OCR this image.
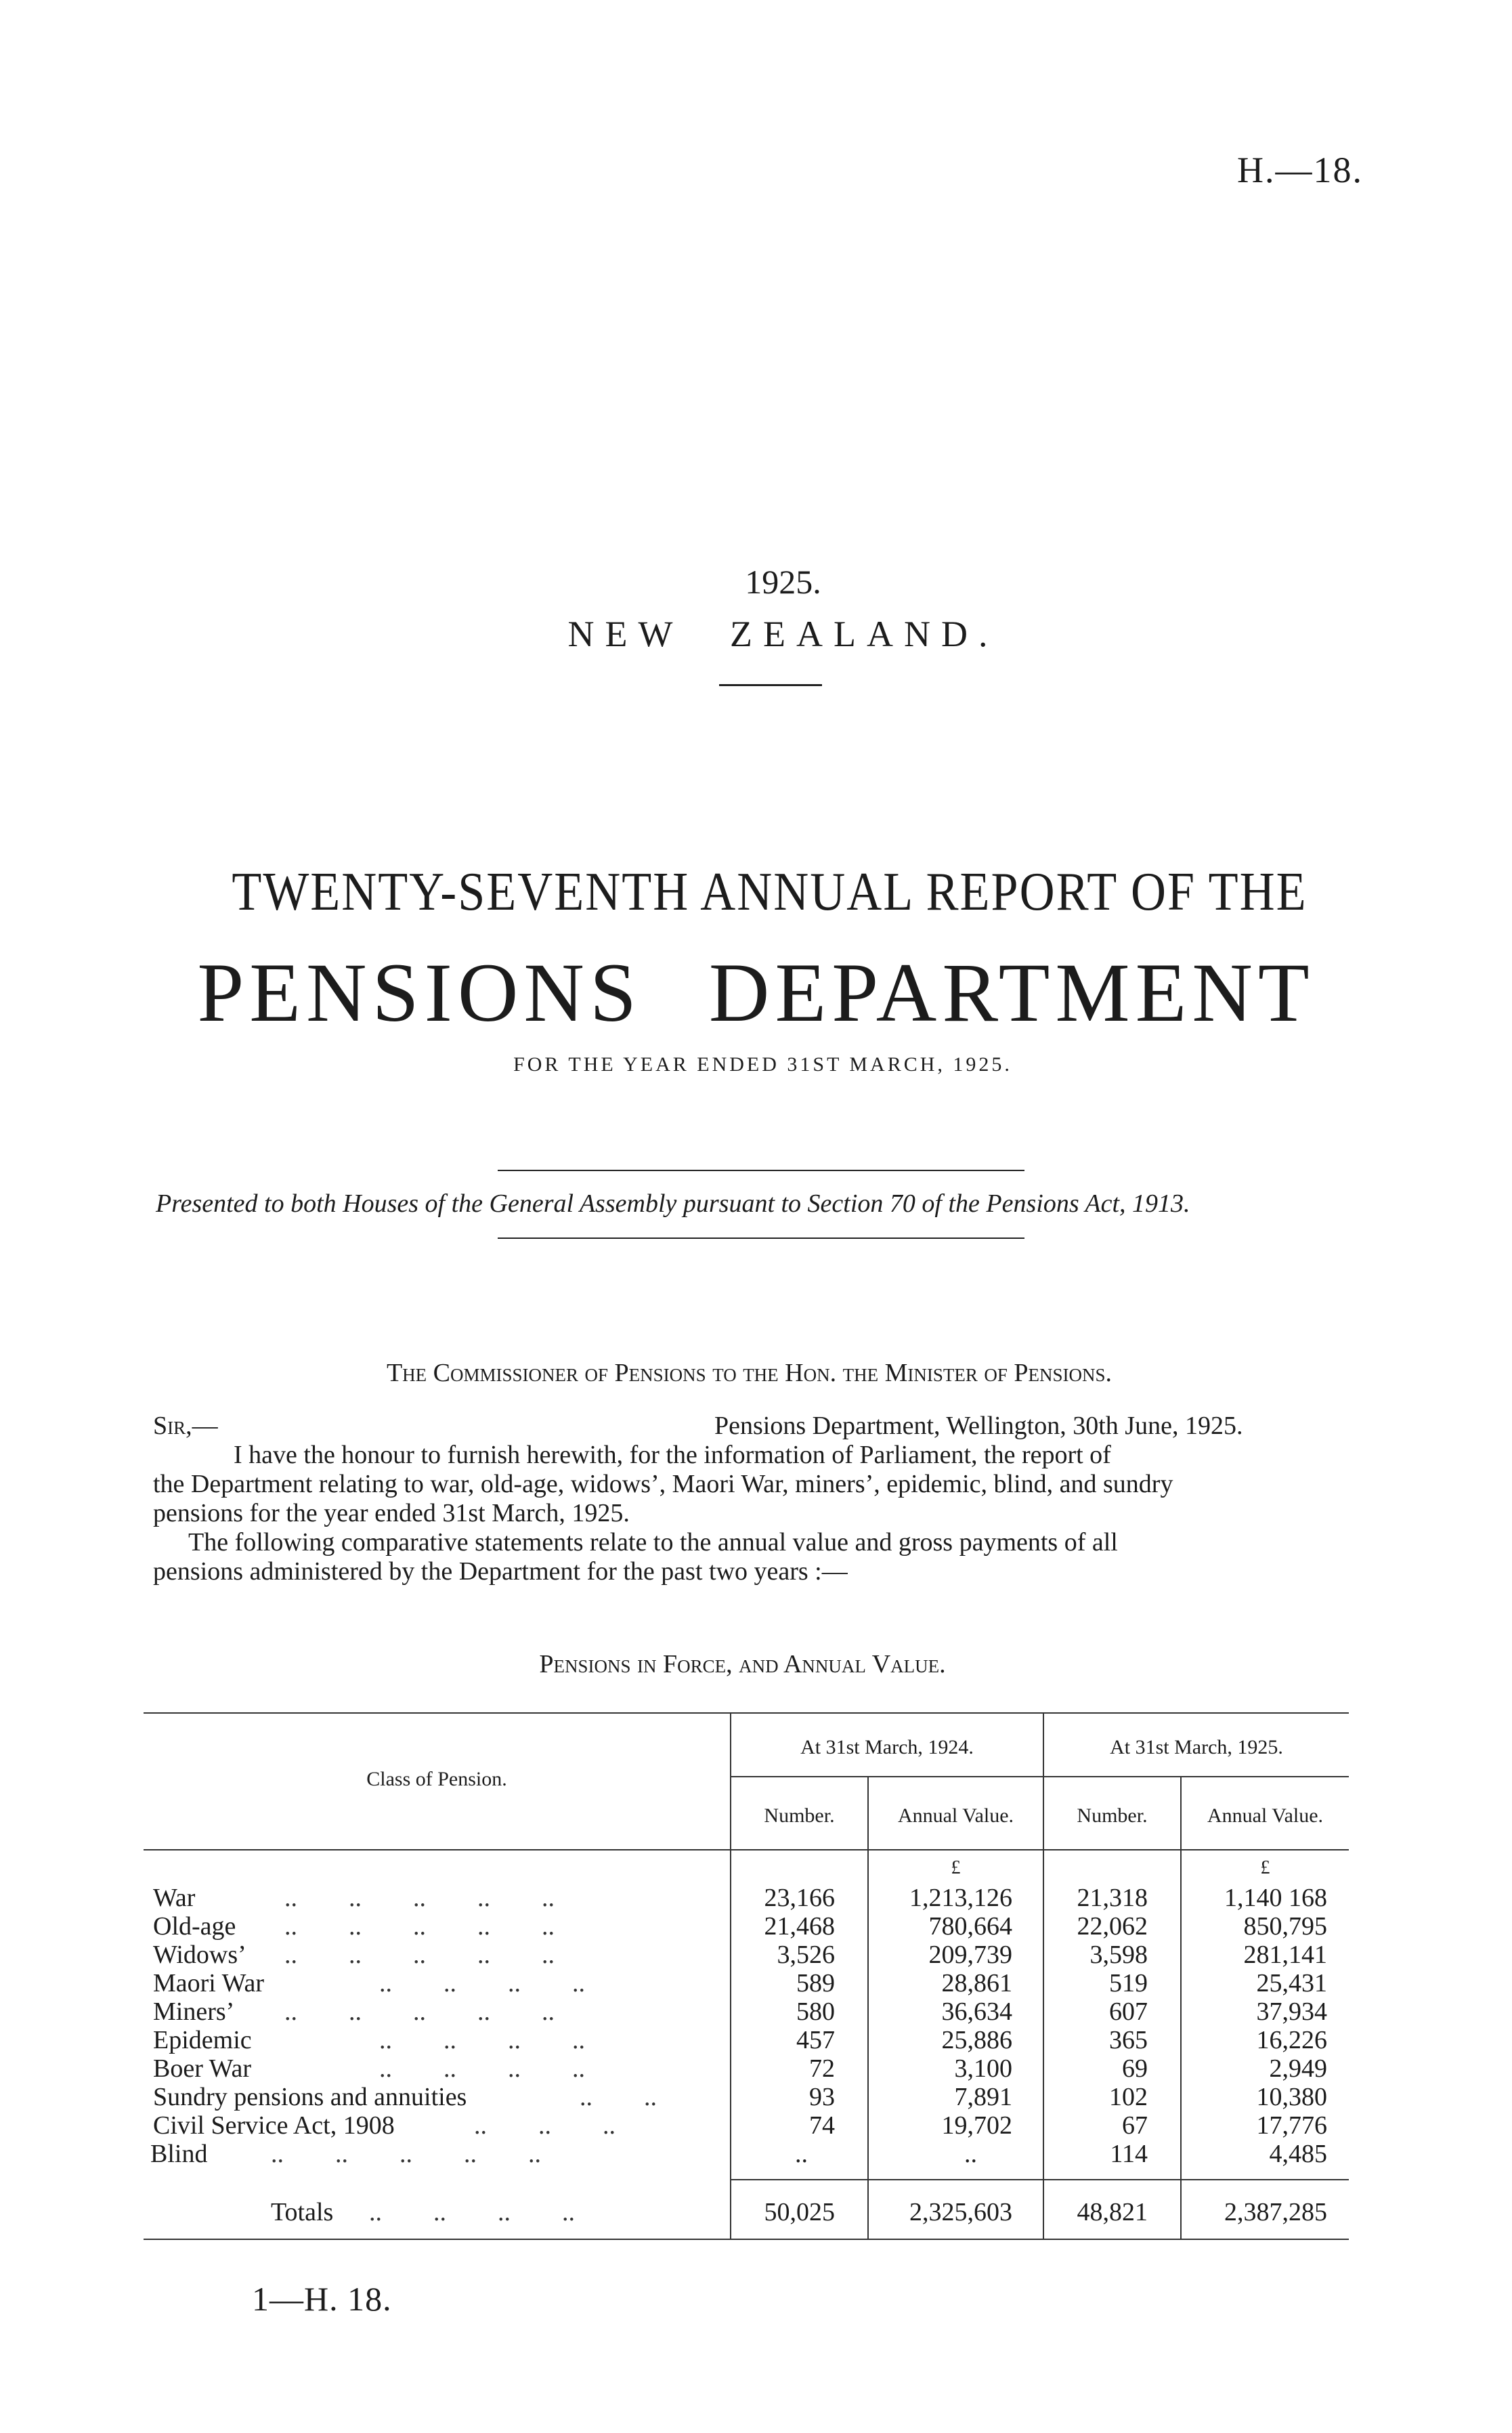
H.—18.
1925.
NEW ZEALAND.
TWENTY-SEVENTH ANNUAL REPORT OF THE
PENSIONS DEPARTMENT
FOR THE YEAR ENDED 31ST MARCH, 1925.
Presented to both Houses of the General Assembly pursuant to Section 70 of the Pensions Act, 1913.
The Commissioner of Pensions to the Hon. the Minister of Pensions.
Sir,—	Pensions Department, Wellington, 30th June, 1925.
I have the honour to furnish herewith, for the information of Parliament, the report of
the Department relating to war, old-age, widows’, Maori War, miners’, epidemic, blind, and sundry
pensions for the year ended 31st March, 1925.
The following comparative statements relate to the annual value and gross payments of all
pensions administered by the Department for the past two years :—
Pensions in Force, and Annual Value.
Class of Pension.
At 31st March, 1924.	At 31st March, 1925.
Number.	Annual Value.	Number.	Annual Value.
£	£
War	..        ..        ..        ..        ..	23,166	1,213,126	21,318	1,140 168
Old-age ..        ..        ..        ..        ..	21,468	780,664	22,062	850,795
Widows’ ..        ..        ..        ..        ..	3,526	209,739	3,598	281,141
Maori War	..        ..        ..        ..	589	28,861	519	25,431
Miners’ ..        ..        ..        ..        ..	580	36,634	607	37,934
Epidemic	..        ..        ..        ..	457	25,886	365	16,226
Boer War	..        ..        ..        ..	72	3,100	69	2,949
Sundry pensions and annuities	..        ..	93	7,891	102	10,380
Civil Service Act, 1908	..        ..        ..	74	19,702	67	17,776
Blind ..        ..        ..        ..        ..	..	..	114	4,485
Totals ..        ..        ..        ..	50,025	2,325,603	48,821	2,387,285
1—H. 18.
